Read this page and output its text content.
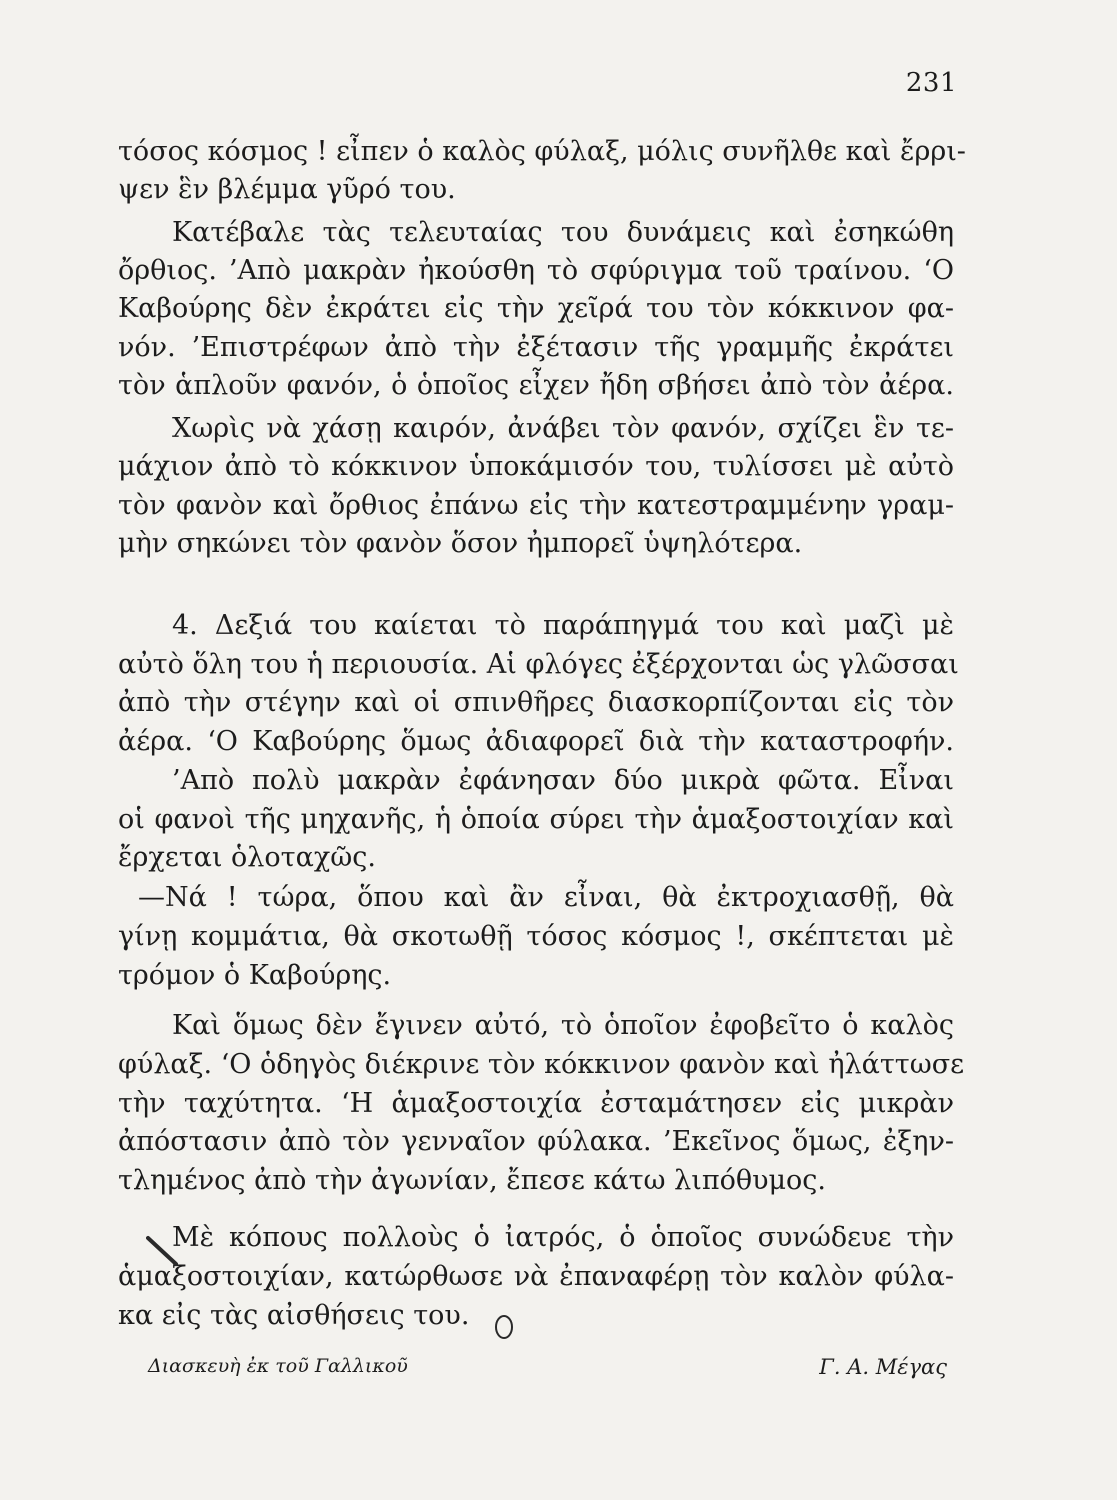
231
τόσος κόσμος ! εἶπεν ὁ καλὸς φύλαξ, μόλις συνῆλθε καὶ ἔρρι-
ψεν ἓν βλέμμα γῦρό του.
Κατέβαλε τὰς τελευταίας του δυνάμεις καὶ ἐσηκώθη
ὄρθιος. ’Απὸ μακρὰν ἠκούσθη τὸ σφύριγμα τοῦ τραίνου. ‘Ο
Καβούρης δὲν ἐκράτει εἰς τὴν χεῖρά του τὸν κόκκινον φα-
νόν. ’Επιστρέφων ἀπὸ τὴν ἐξέτασιν τῆς γραμμῆς ἐκράτει
τὸν ἁπλοῦν φανόν, ὁ ὁποῖος εἶχεν ἤδη σβήσει ἀπὸ τὸν ἀέρα.
Χωρὶς νὰ χάσῃ καιρόν, ἀνάβει τὸν φανόν, σχίζει ἓν τε-
μάχιον ἀπὸ τὸ κόκκινον ὑποκάμισόν του, τυλίσσει μὲ αὐτὸ
τὸν φανὸν καὶ ὄρθιος ἐπάνω εἰς τὴν κατεστραμμένην γραμ-
μὴν σηκώνει τὸν φανὸν ὅσον ἠμπορεῖ ὑψηλότερα.
4. Δεξιά του καίεται τὸ παράπηγμά του καὶ μαζὶ μὲ
αὐτὸ ὅλη του ἡ περιουσία. Αἱ φλόγες ἐξέρχονται ὡς γλῶσσαι
ἀπὸ τὴν στέγην καὶ οἱ σπινθῆρες διασκορπίζονται εἰς τὸν
ἀέρα. ‘Ο Καβούρης ὅμως ἀδιαφορεῖ διὰ τὴν καταστροφήν.
’Απὸ πολὺ μακρὰν ἐφάνησαν δύο μικρὰ φῶτα. Εἶναι
οἱ φανοὶ τῆς μηχανῆς, ἡ ὁποία σύρει τὴν ἁμαξοστοιχίαν καὶ
ἔρχεται ὁλοταχῶς.
—Νά ! τώρα, ὅπου καὶ ἂν εἶναι, θὰ ἐκτροχιασθῇ, θὰ
γίνῃ κομμάτια, θὰ σκοτωθῇ τόσος κόσμος !, σκέπτεται μὲ
τρόμον ὁ Καβούρης.
Καὶ ὅμως δὲν ἔγινεν αὐτό, τὸ ὁποῖον ἐφοβεῖτο ὁ καλὸς
φύλαξ. ‘Ο ὁδηγὸς διέκρινε τὸν κόκκινον φανὸν καὶ ἠλάττωσε
τὴν ταχύτητα. ‘Η ἁμαξοστοιχία ἐσταμάτησεν εἰς μικρὰν
ἀπόστασιν ἀπὸ τὸν γενναῖον φύλακα. ’Εκεῖνος ὅμως, ἐξην-
τλημένος ἀπὸ τὴν ἀγωνίαν, ἔπεσε κάτω λιπόθυμος.
Μὲ κόπους πολλοὺς ὁ ἰατρός, ὁ ὁποῖος συνώδευε τὴν
ἁμαξοστοιχίαν, κατώρθωσε νὰ ἐπαναφέρῃ τὸν καλὸν φύλα-
κα εἰς τὰς αἰσθήσεις του.
Διασκευὴ ἐκ τοῦ Γαλλικοῦ	Γ. Α. Μέγας
